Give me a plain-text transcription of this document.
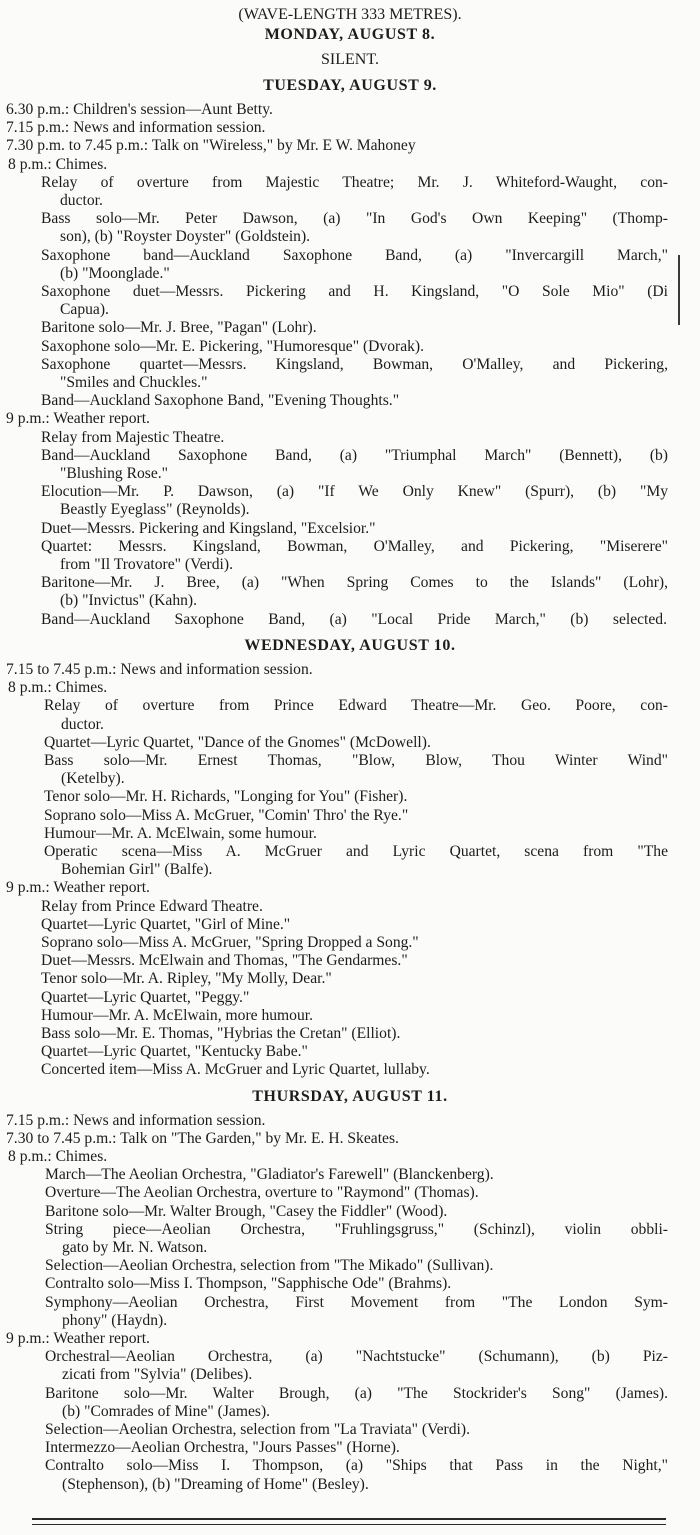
(WAVE-LENGTH 333 METRES).
MONDAY, AUGUST 8.
SILENT.
TUESDAY, AUGUST 9.
6.30 p.m.: Children's session—Aunt Betty.
7.15 p.m.: News and information session.
7.30 p.m. to 7.45 p.m.: Talk on "Wireless," by Mr. E W. Mahoney
8 p.m.: Chimes.
Relay of overture from Majestic Theatre; Mr. J. Whiteford-Waught, con-
ductor.
Bass solo—Mr. Peter Dawson, (a) "In God's Own Keeping" (Thomp-
son), (b) "Royster Doyster" (Goldstein).
Saxophone band—Auckland Saxophone Band, (a) "Invercargill March,"
(b) "Moonglade."
Saxophone duet—Messrs. Pickering and H. Kingsland, "O Sole Mio" (Di
Capua).
Baritone solo—Mr. J. Bree, "Pagan" (Lohr).
Saxophone solo—Mr. E. Pickering, "Humoresque" (Dvorak).
Saxophone quartet—Messrs. Kingsland, Bowman, O'Malley, and Pickering,
"Smiles and Chuckles."
Band—Auckland Saxophone Band, "Evening Thoughts."
9 p.m.: Weather report.
Relay from Majestic Theatre.
Band—Auckland Saxophone Band, (a) "Triumphal March" (Bennett), (b)
"Blushing Rose."
Elocution—Mr. P. Dawson, (a) "If We Only Knew" (Spurr), (b) "My
Beastly Eyeglass" (Reynolds).
Duet—Messrs. Pickering and Kingsland, "Excelsior."
Quartet: Messrs. Kingsland, Bowman, O'Malley, and Pickering, "Miserere"
from "Il Trovatore" (Verdi).
Baritone—Mr. J. Bree, (a) "When Spring Comes to the Islands" (Lohr),
(b) "Invictus" (Kahn).
Band—Auckland Saxophone Band, (a) "Local Pride March," (b) selected.
WEDNESDAY, AUGUST 10.
7.15 to 7.45 p.m.: News and information session.
8 p.m.: Chimes.
Relay of overture from Prince Edward Theatre—Mr. Geo. Poore, con-
ductor.
Quartet—Lyric Quartet, "Dance of the Gnomes" (McDowell).
Bass solo—Mr. Ernest Thomas, "Blow, Blow, Thou Winter Wind"
(Ketelby).
Tenor solo—Mr. H. Richards, "Longing for You" (Fisher).
Soprano solo—Miss A. McGruer, "Comin' Thro' the Rye."
Humour—Mr. A. McElwain, some humour.
Operatic scena—Miss A. McGruer and Lyric Quartet, scena from "The
Bohemian Girl" (Balfe).
9 p.m.: Weather report.
Relay from Prince Edward Theatre.
Quartet—Lyric Quartet, "Girl of Mine."
Soprano solo—Miss A. McGruer, "Spring Dropped a Song."
Duet—Messrs. McElwain and Thomas, "The Gendarmes."
Tenor solo—Mr. A. Ripley, "My Molly, Dear."
Quartet—Lyric Quartet, "Peggy."
Humour—Mr. A. McElwain, more humour.
Bass solo—Mr. E. Thomas, "Hybrias the Cretan" (Elliot).
Quartet—Lyric Quartet, "Kentucky Babe."
Concerted item—Miss A. McGruer and Lyric Quartet, lullaby.
THURSDAY, AUGUST 11.
7.15 p.m.: News and information session.
7.30 to 7.45 p.m.: Talk on "The Garden," by Mr. E. H. Skeates.
8 p.m.: Chimes.
March—The Aeolian Orchestra, "Gladiator's Farewell" (Blanckenberg).
Overture—The Aeolian Orchestra, overture to "Raymond" (Thomas).
Baritone solo—Mr. Walter Brough, "Casey the Fiddler" (Wood).
String piece—Aeolian Orchestra, "Fruhlingsgruss," (Schinzl), violin obbli-
gato by Mr. N. Watson.
Selection—Aeolian Orchestra, selection from "The Mikado" (Sullivan).
Contralto solo—Miss I. Thompson, "Sapphische Ode" (Brahms).
Symphony—Aeolian Orchestra, First Movement from "The London Sym-
phony" (Haydn).
9 p.m.: Weather report.
Orchestral—Aeolian Orchestra, (a) "Nachtstucke" (Schumann), (b) Piz-
zicati from "Sylvia" (Delibes).
Baritone solo—Mr. Walter Brough, (a) "The Stockrider's Song" (James).
(b) "Comrades of Mine" (James).
Selection—Aeolian Orchestra, selection from "La Traviata" (Verdi).
Intermezzo—Aeolian Orchestra, "Jours Passes" (Horne).
Contralto solo—Miss I. Thompson, (a) "Ships that Pass in the Night,"
(Stephenson), (b) "Dreaming of Home" (Besley).
